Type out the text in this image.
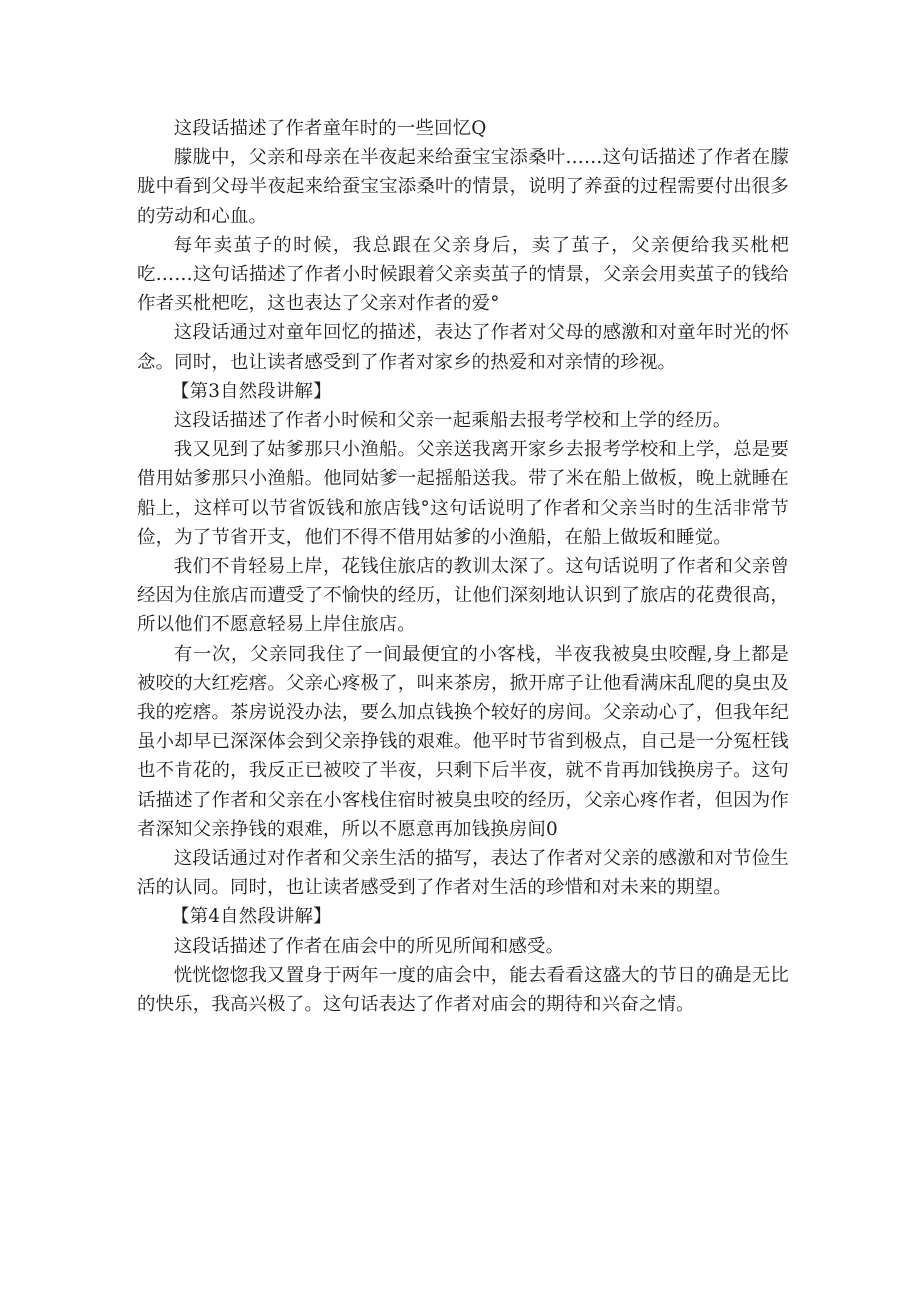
这段话描述了作者童年时的一些回忆Q

朦胧中，父亲和母亲在半夜起来给蚕宝宝添桑叶……这句话描述了作者在朦胧中看到父母半夜起来给蚕宝宝添桑叶的情景，说明了养蚕的过程需要付出很多的劳动和心血。

每年卖茧子的时候，我总跟在父亲身后，卖了茧子，父亲便给我买枇杷吃……这句话描述了作者小时候跟着父亲卖茧子的情景，父亲会用卖茧子的钱给作者买枇杷吃，这也表达了父亲对作者的爱°

这段话通过对童年回忆的描述，表达了作者对父母的感激和对童年时光的怀念。同时，也让读者感受到了作者对家乡的热爱和对亲情的珍视。

【第3自然段讲解】

这段话描述了作者小时候和父亲一起乘船去报考学校和上学的经历。

我又见到了姑爹那只小渔船。父亲送我离开家乡去报考学校和上学，总是要借用姑爹那只小渔船。他同姑爹一起摇船送我。带了米在船上做板，晚上就睡在船上，这样可以节省饭钱和旅店钱°这句话说明了作者和父亲当时的生活非常节俭，为了节省开支，他们不得不借用姑爹的小渔船，在船上做坂和睡觉。

我们不肯轻易上岸，花钱住旅店的教训太深了。这句话说明了作者和父亲曾经因为住旅店而遭受了不愉快的经历，让他们深刻地认识到了旅店的花费很高，所以他们不愿意轻易上岸住旅店。

有一次，父亲同我住了一间最便宜的小客栈，半夜我被臭虫咬醒,身上都是被咬的大红疙瘩。父亲心疼极了，叫来茶房，掀开席子让他看满床乱爬的臭虫及我的疙瘩。茶房说没办法，要么加点钱换个较好的房间。父亲动心了，但我年纪虽小却早已深深体会到父亲挣钱的艰难。他平时节省到极点，自己是一分冤枉钱也不肯花的，我反正已被咬了半夜，只剩下后半夜，就不肯再加钱换房子。这句话描述了作者和父亲在小客栈住宿时被臭虫咬的经历，父亲心疼作者，但因为作者深知父亲挣钱的艰难，所以不愿意再加钱换房间0

这段话通过对作者和父亲生活的描写，表达了作者对父亲的感激和对节俭生活的认同。同时，也让读者感受到了作者对生活的珍惜和对未来的期望。

【第4自然段讲解】

这段话描述了作者在庙会中的所见所闻和感受。

恍恍惚惚我又置身于两年一度的庙会中，能去看看这盛大的节日的确是无比的快乐，我高兴极了。这句话表达了作者对庙会的期待和兴奋之情。
